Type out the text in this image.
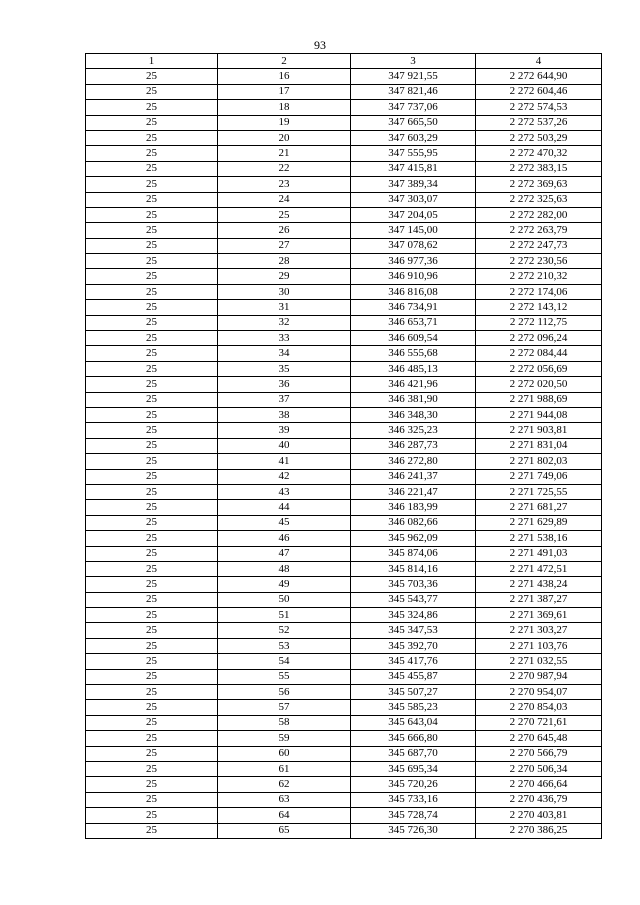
93
1	2	3	4
25	16	347 921,55	2 272 644,90
25	17	347 821,46	2 272 604,46
25	18	347 737,06	2 272 574,53
25	19	347 665,50	2 272 537,26
25	20	347 603,29	2 272 503,29
25	21	347 555,95	2 272 470,32
25	22	347 415,81	2 272 383,15
25	23	347 389,34	2 272 369,63
25	24	347 303,07	2 272 325,63
25	25	347 204,05	2 272 282,00
25	26	347 145,00	2 272 263,79
25	27	347 078,62	2 272 247,73
25	28	346 977,36	2 272 230,56
25	29	346 910,96	2 272 210,32
25	30	346 816,08	2 272 174,06
25	31	346 734,91	2 272 143,12
25	32	346 653,71	2 272 112,75
25	33	346 609,54	2 272 096,24
25	34	346 555,68	2 272 084,44
25	35	346 485,13	2 272 056,69
25	36	346 421,96	2 272 020,50
25	37	346 381,90	2 271 988,69
25	38	346 348,30	2 271 944,08
25	39	346 325,23	2 271 903,81
25	40	346 287,73	2 271 831,04
25	41	346 272,80	2 271 802,03
25	42	346 241,37	2 271 749,06
25	43	346 221,47	2 271 725,55
25	44	346 183,99	2 271 681,27
25	45	346 082,66	2 271 629,89
25	46	345 962,09	2 271 538,16
25	47	345 874,06	2 271 491,03
25	48	345 814,16	2 271 472,51
25	49	345 703,36	2 271 438,24
25	50	345 543,77	2 271 387,27
25	51	345 324,86	2 271 369,61
25	52	345 347,53	2 271 303,27
25	53	345 392,70	2 271 103,76
25	54	345 417,76	2 271 032,55
25	55	345 455,87	2 270 987,94
25	56	345 507,27	2 270 954,07
25	57	345 585,23	2 270 854,03
25	58	345 643,04	2 270 721,61
25	59	345 666,80	2 270 645,48
25	60	345 687,70	2 270 566,79
25	61	345 695,34	2 270 506,34
25	62	345 720,26	2 270 466,64
25	63	345 733,16	2 270 436,79
25	64	345 728,74	2 270 403,81
25	65	345 726,30	2 270 386,25
